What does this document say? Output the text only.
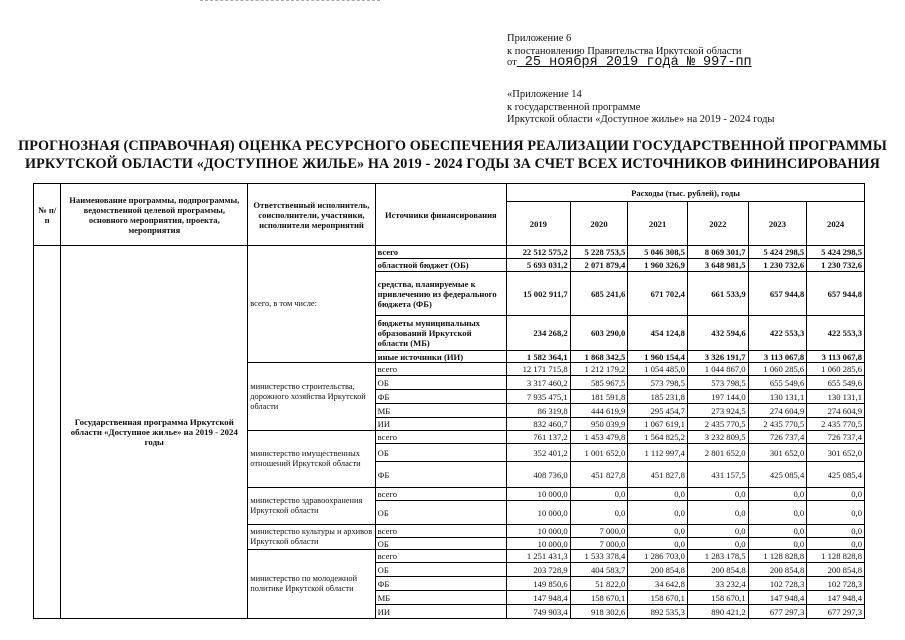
Приложение 6
к постановлению Правительства Иркутской области
от 25 ноября 2019 года № 997-пп
«Приложение 14
к государственной программе
Иркутской области «Доступное жилье» на 2019 - 2024 годы
ПРОГНОЗНАЯ (СПРАВОЧНАЯ) ОЦЕНКА РЕСУРСНОГО ОБЕСПЕЧЕНИЯ РЕАЛИЗАЦИИ ГОСУДАРСТВЕННОЙ ПРОГРАММЫ
ИРКУТСКОЙ ОБЛАСТИ «ДОСТУПНОЕ ЖИЛЬЕ» НА 2019 - 2024 ГОДЫ ЗА СЧЕТ ВСЕХ ИСТОЧНИКОВ ФИНИНСИРОВАНИЯ
№ п/п	Наименование программы, подпрограммы, ведомственной целевой программы, основного мероприятия, проекта, мероприятия	Ответственный исполнитель, соисполнители, участники, исполнители мероприятий	Источники финансирования	Расходы (тыс. рублей), годы					
				2019	2020	2021	2022	2023	2024
	Государственная программа Иркутской области «Доступное жилье» на 2019 - 2024 годы	всего, в том числе:	всего	22 512 575,2	5 228 753,5	5 046 308,5	8 069 301,7	5 424 298,5	5 424 298,5
			областной бюджет (ОБ)	5 693 031,2	2 071 879,4	1 960 326,9	3 648 981,5	1 230 732,6	1 230 732,6
			средства, планируемые к привлечению из федерального бюджета (ФБ)	15 002 911,7	685 241,6	671 702,4	661 533,9	657 944,8	657 944,8
			бюджеты муниципальных образований Иркутской области (МБ)	234 268,2	603 290,0	454 124,8	432 594,6	422 553,3	422 553,3
			иные источники (ИИ)	1 582 364,1	1 868 342,5	1 960 154,4	3 326 191,7	3 113 067,8	3 113 067,8
		министерство строительства, дорожного хозяйства Иркутской области	всего	12 171 715,8	1 212 179,2	1 054 485,0	1 044 867,0	1 060 285,6	1 060 285,6
			ОБ	3 317 460,2	585 967,5	573 798,5	573 798,5	655 549,6	655 549,6
			ФБ	7 935 475,1	181 591,8	185 231,8	197 144,0	130 131,1	130 131,1
			МБ	86 319,8	444 619,9	295 454,7	273 924,5	274 604,9	274 604,9
			ИИ	832 460,7	950 039,9	1 067 619,1	2 435 770,5	2 435 770,5	2 435 770,5
		министерство имущественных отношений Иркутской области	всего	761 137,2	1 453 479,8	1 564 825,2	3 232 809,5	726 737,4	726 737,4
			ОБ	352 401,2	1 001 652,0	1 112 997,4	2 801 652,0	301 652,0	301 652,0
			ФБ	408 736,0	451 827,8	451 827,8	431 157,5	425 085,4	425 085,4
		министерство здравоохранения Иркутской области	всего	10 000,0	0,0	0,0	0,0	0,0	0,0
			ОБ	10 000,0	0,0	0,0	0,0	0,0	0,0
		министерство культуры и архивов Иркутской области	всего	10 000,0	7 000,0	0,0	0,0	0,0	0,0
			ОБ	10 000,0	7 000,0	0,0	0,0	0,0	0,0
		министерство по молодежной политике Иркутской области	всего	1 251 431,3	1 533 378,4	1 286 703,0	1 283 178,5	1 128 828,8	1 128 828,8
			ОБ	203 728,9	404 583,7	200 854,8	200 854,8	200 854,8	200 854,8
			ФБ	149 850,6	51 822,0	34 642,8	33 232,4	102 728,3	102 728,3
			МБ	147 948,4	158 670,1	158 670,1	158 670,1	147 948,4	147 948,4
			ИИ	749 903,4	918 302,6	892 535,3	890 421,2	677 297,3	677 297,3
